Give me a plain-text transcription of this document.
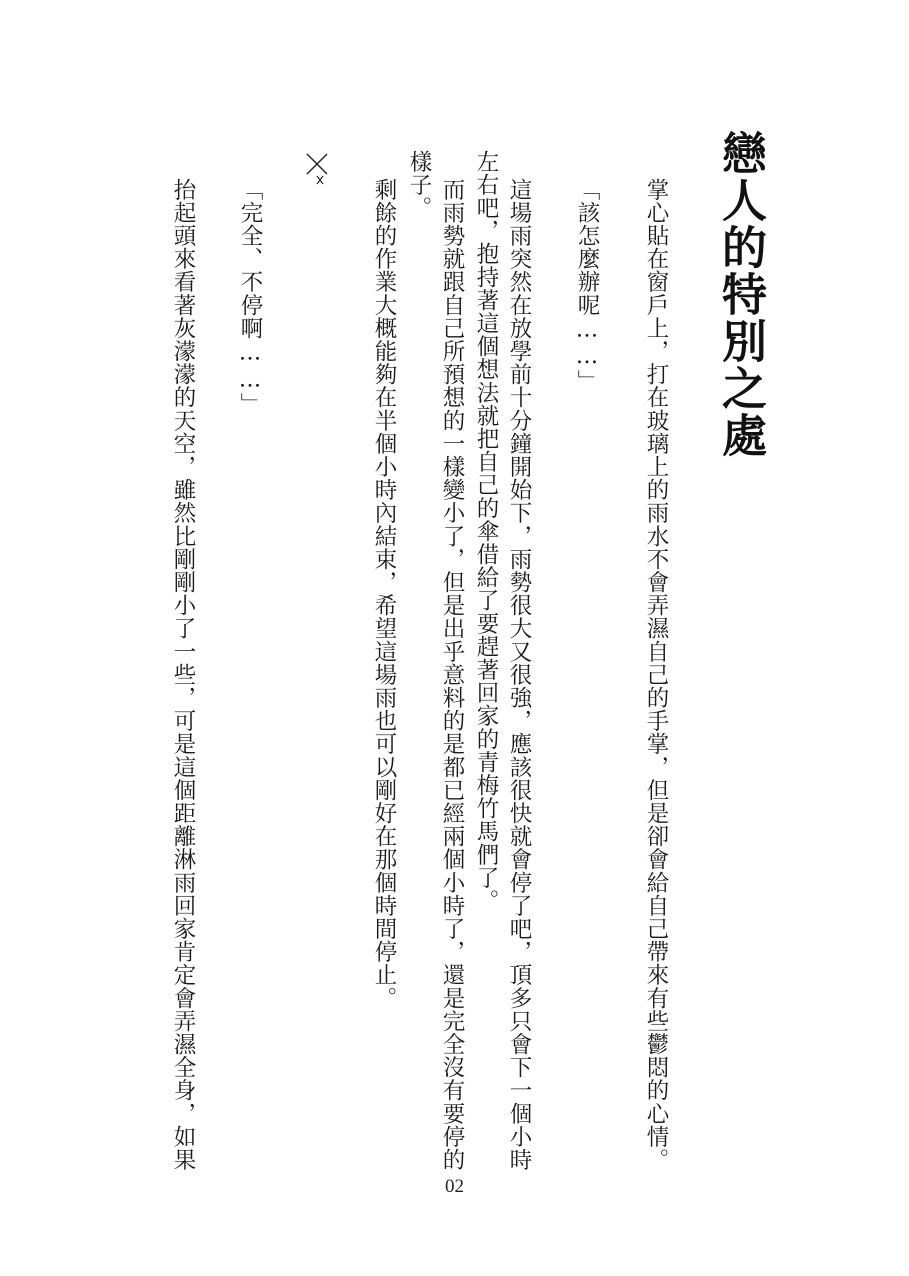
戀人的特別之處
掌心貼在窗戶上，打在玻璃上的雨水不會弄濕自己的手掌，但是卻會給自己帶來有些鬱悶的心情。
「該怎麼辦呢……」
這場雨突然在放學前十分鐘開始下，雨勢很大又很強，應該很快就會停了吧，頂多只會下一個小時
左右吧，抱持著這個想法就把自己的傘借給了要趕著回家的青梅竹馬們了。
而雨勢就跟自己所預想的一樣變小了，但是出乎意料的是都已經兩個小時了，還是完全沒有要停的
樣子。
剩餘的作業大概能夠在半個小時內結束，希望這場雨也可以剛好在那個時間停止。
「完全、不停啊……」
抬起頭來看著灰濛濛的天空，雖然比剛剛小了一些，可是這個距離淋雨回家肯定會弄濕全身，如果
02
